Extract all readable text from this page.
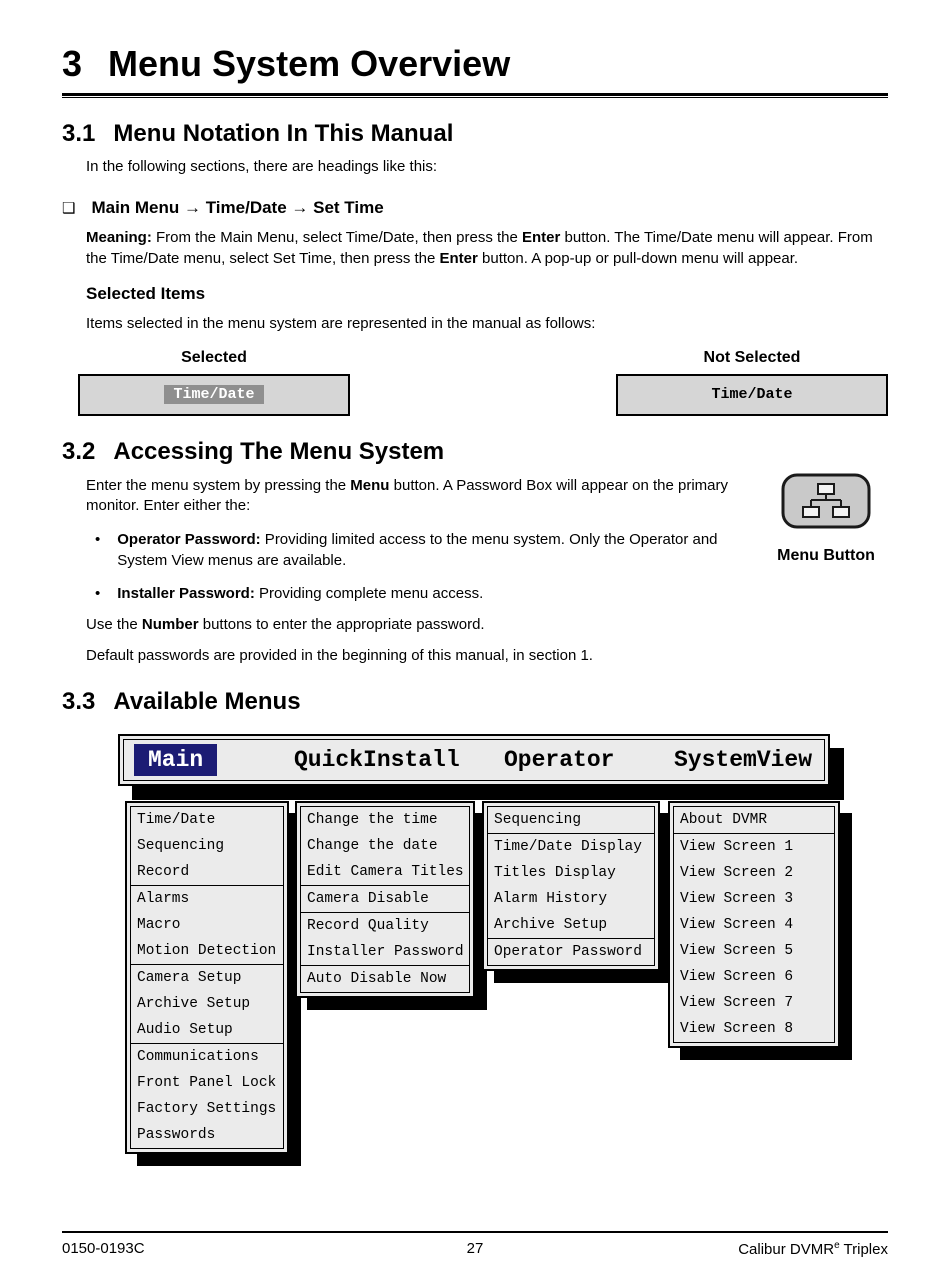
3 Menu System Overview
3.1 Menu Notation In This Manual

In the following sections, there are headings like this:

❑ Main Menu → Time/Date → Set Time

Meaning: From the Main Menu, select Time/Date, then press the Enter button. The Time/Date menu will appear. From the Time/Date menu, select Set Time, then press the Enter button. A pop-up or pull-down menu will appear.

Selected Items

Items selected in the menu system are represented in the manual as follows:

Selected
Time/Date
Not Selected
Time/Date
3.2 Accessing The Menu System

Enter the menu system by pressing the Menu button. A Password Box will appear on the primary monitor. Enter either the:

• Operator Password: Providing limited access to the menu system. Only the Operator and System View menus are available.
• Installer Password: Providing complete menu access.

Use the Number buttons to enter the appropriate password.

Default passwords are provided in the beginning of this manual, in section 1.

Menu Button
3.3 Available Menus
Main	QuickInstall Operator	SystemView
Time/Date
Sequencing
Record
Alarms
Macro
Motion Detection
Camera Setup
Archive Setup
Audio Setup
Communications
Front Panel Lock
Factory Settings
Passwords
Change the time
Change the date
Edit Camera Titles
Camera Disable
Record Quality
Installer Password
Auto Disable Now
Sequencing
Time/Date Display
Titles Display
Alarm History
Archive Setup
Operator Password
About DVMR
View Screen 1
View Screen 2
View Screen 3
View Screen 4
View Screen 5
View Screen 6
View Screen 7
View Screen 8
0150-0193C	27	Calibur DVMR$^e$ Triplex
